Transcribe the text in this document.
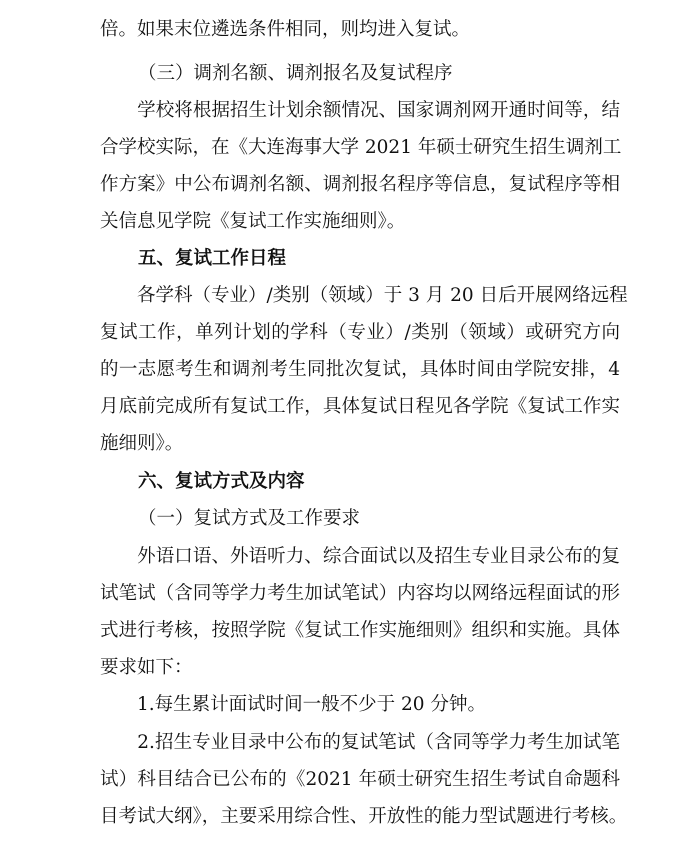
倍。如果末位遴选条件相同，则均进入复试。
（三）调剂名额、调剂报名及复试程序
　　学校将根据招生计划余额情况、国家调剂网开通时间等，结
合学校实际，在《大连海事大学 2021 年硕士研究生招生调剂工
作方案》中公布调剂名额、调剂报名程序等信息，复试程序等相
关信息见学院《复试工作实施细则》。
五、复试工作日程
　　各学科（专业）/类别（领域）于 3 月 20 日后开展网络远程
复试工作，单列计划的学科（专业）/类别（领域）或研究方向
的一志愿考生和调剂考生同批次复试，具体时间由学院安排，4
月底前完成所有复试工作，具体复试日程见各学院《复试工作实
施细则》。
六、复试方式及内容
（一）复试方式及工作要求
　　外语口语、外语听力、综合面试以及招生专业目录公布的复
试笔试（含同等学力考生加试笔试）内容均以网络远程面试的形
式进行考核，按照学院《复试工作实施细则》组织和实施。具体
要求如下：
　　1.每生累计面试时间一般不少于 20 分钟。
　　2.招生专业目录中公布的复试笔试（含同等学力考生加试笔
试）科目结合已公布的《2021 年硕士研究生招生考试自命题科
目考试大纲》，主要采用综合性、开放性的能力型试题进行考核。
